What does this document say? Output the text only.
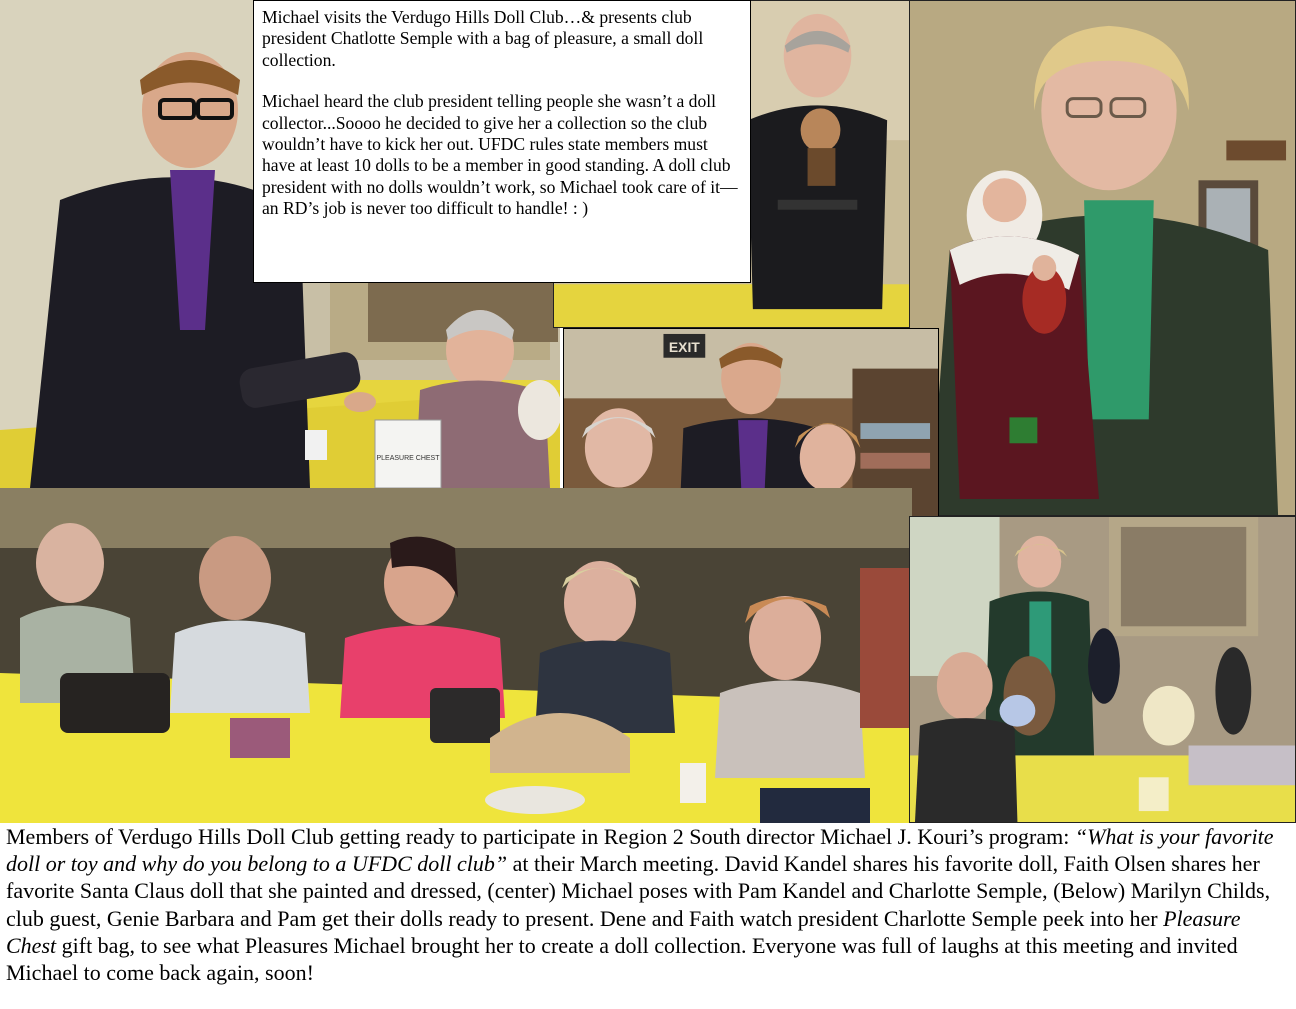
PLEASURE CHEST
EXIT

Michael visits the Verdugo Hills Doll Club…& presents club president Chatlotte Semple with a bag of pleasure, a small doll collection.

Michael heard the club president telling people she wasn’t a doll collector...Soooo he decided to give her a collection so the club wouldn’t have to kick her out. UFDC rules state members must have at least 10 dolls to be a member in good standing. A doll club president with no dolls wouldn’t work, so Michael took care of it—an RD’s job is never too difficult to handle! : )

Members of Verdugo Hills Doll Club getting ready to participate in Region 2 South director Michael J. Kouri’s program: “What is your favorite doll or toy and why do you belong to a UFDC doll club” at their March meeting. David Kandel shares his favorite doll, Faith Olsen shares her favorite Santa Claus doll that she painted and dressed, (center) Michael poses with Pam Kandel and Charlotte Semple, (Below) Marilyn Childs, club guest, Genie Barbara and Pam get their dolls ready to present. Dene and Faith watch president Charlotte Semple peek into her Pleasure Chest gift bag, to see what Pleasures Michael brought her to create a doll collection. Everyone was full of laughs at this meeting and invited Michael to come back again, soon!
